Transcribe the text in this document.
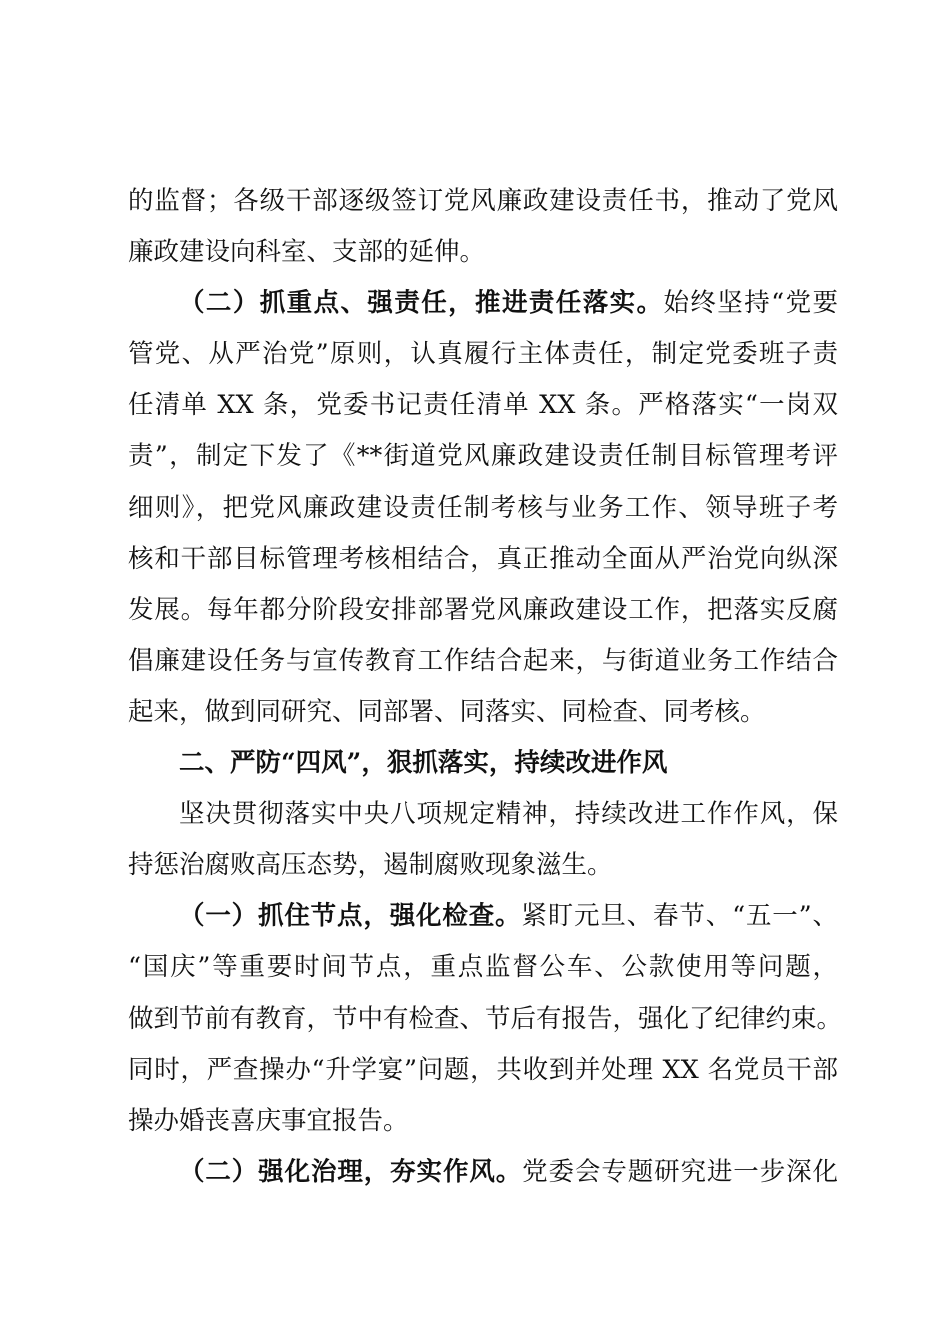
的监督；各级干部逐级签订党风廉政建设责任书，推动了党风
廉政建设向科室、支部的延伸。
（二）抓重点、强责任，推进责任落实。始终坚持“党要
管党、从严治党”原则，认真履行主体责任，制定党委班子责
任清单 XX 条，党委书记责任清单 XX 条。严格落实“一岗双
责”，制定下发了《**街道党风廉政建设责任制目标管理考评
细则》，把党风廉政建设责任制考核与业务工作、领导班子考
核和干部目标管理考核相结合，真正推动全面从严治党向纵深
发展。每年都分阶段安排部署党风廉政建设工作，把落实反腐
倡廉建设任务与宣传教育工作结合起来，与街道业务工作结合
起来，做到同研究、同部署、同落实、同检查、同考核。
二、严防“四风”，狠抓落实，持续改进作风
坚决贯彻落实中央八项规定精神，持续改进工作作风，保
持惩治腐败高压态势，遏制腐败现象滋生。
（一）抓住节点，强化检查。紧盯元旦、春节、“五一”、
“国庆”等重要时间节点，重点监督公车、公款使用等问题，
做到节前有教育，节中有检查、节后有报告，强化了纪律约束。
同时，严查操办“升学宴”问题，共收到并处理 XX 名党员干部
操办婚丧喜庆事宜报告。
（二）强化治理，夯实作风。党委会专题研究进一步深化
